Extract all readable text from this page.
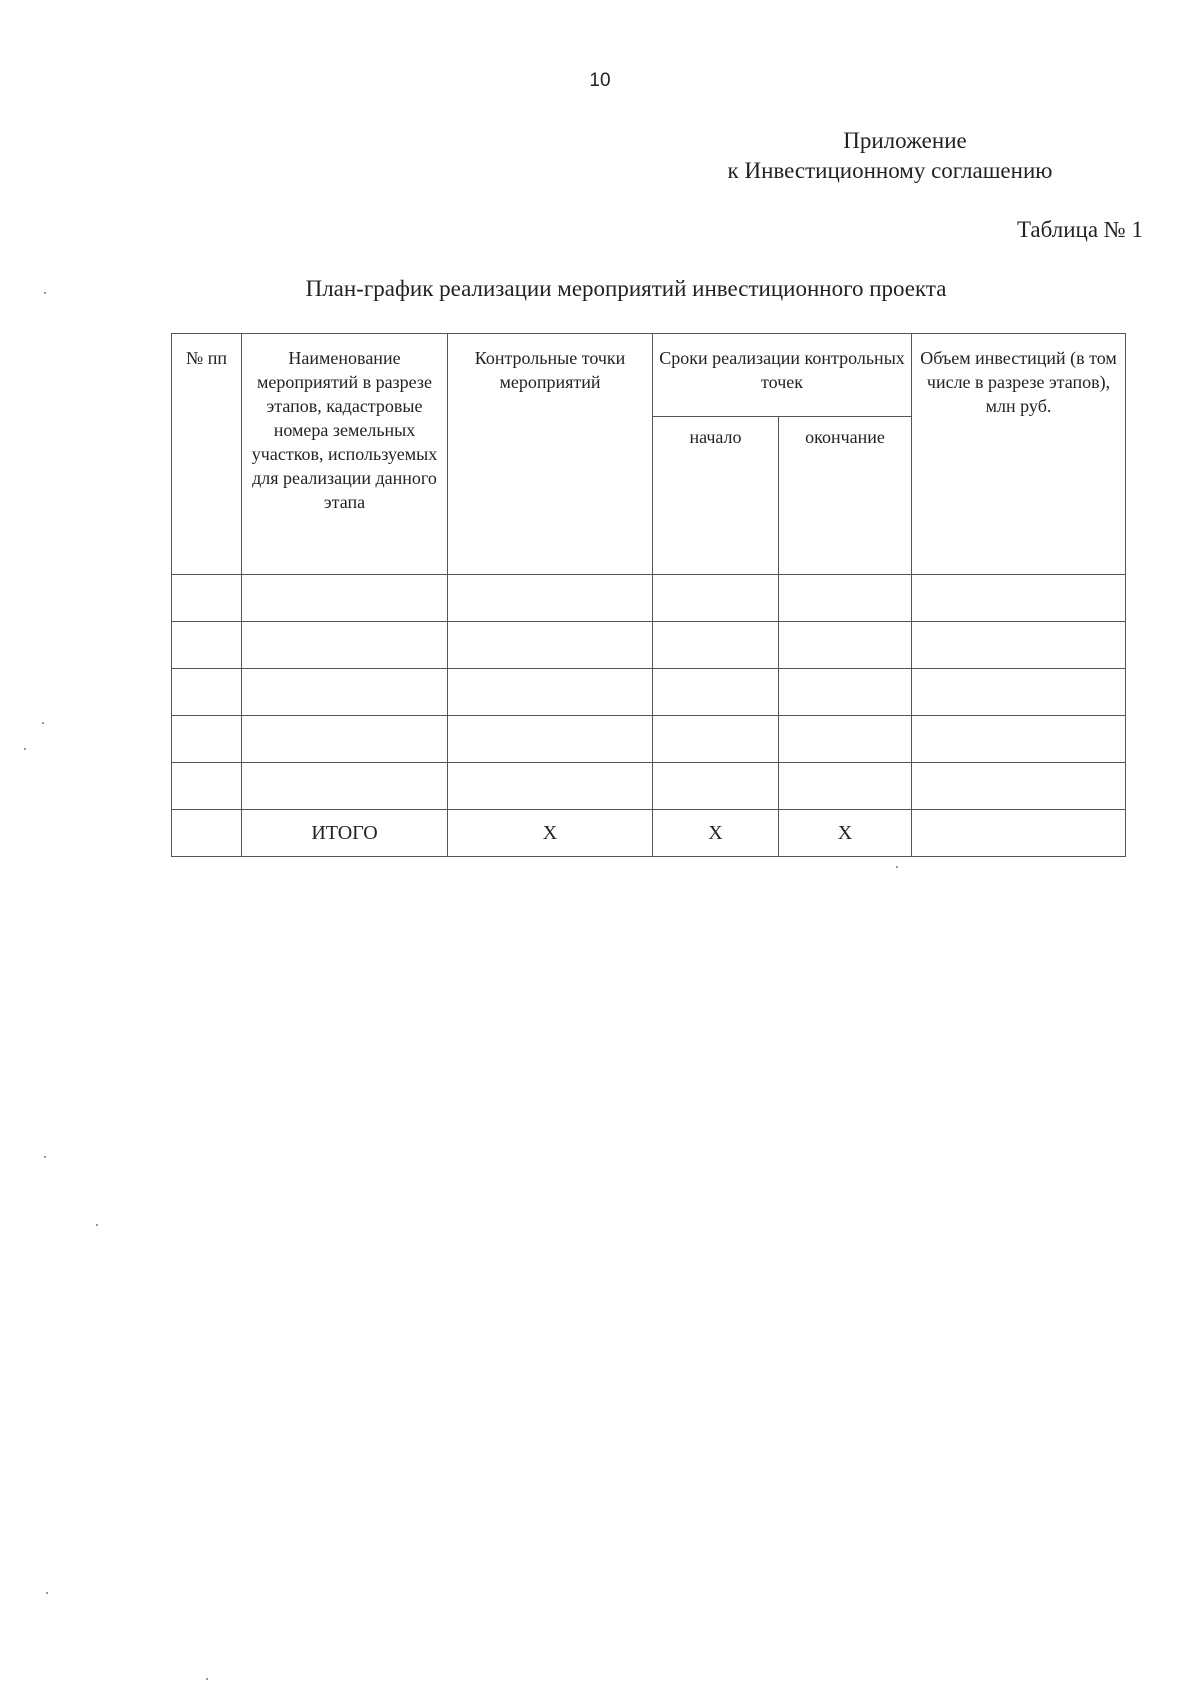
10
Приложение
к Инвестиционному соглашению
Таблица № 1
План-график реализации мероприятий инвестиционного проекта
№ пп	Наименование мероприятий в разрезе этапов, кадастровые номера земельных участков, используемых для реализации данного этапа	Контрольные точки мероприятий	Сроки реализации контрольных точек		Объем инвестиций (в том числе в разрезе этапов), млн руб.
			начало	окончание	

	ИТОГО	Х	Х	Х	
